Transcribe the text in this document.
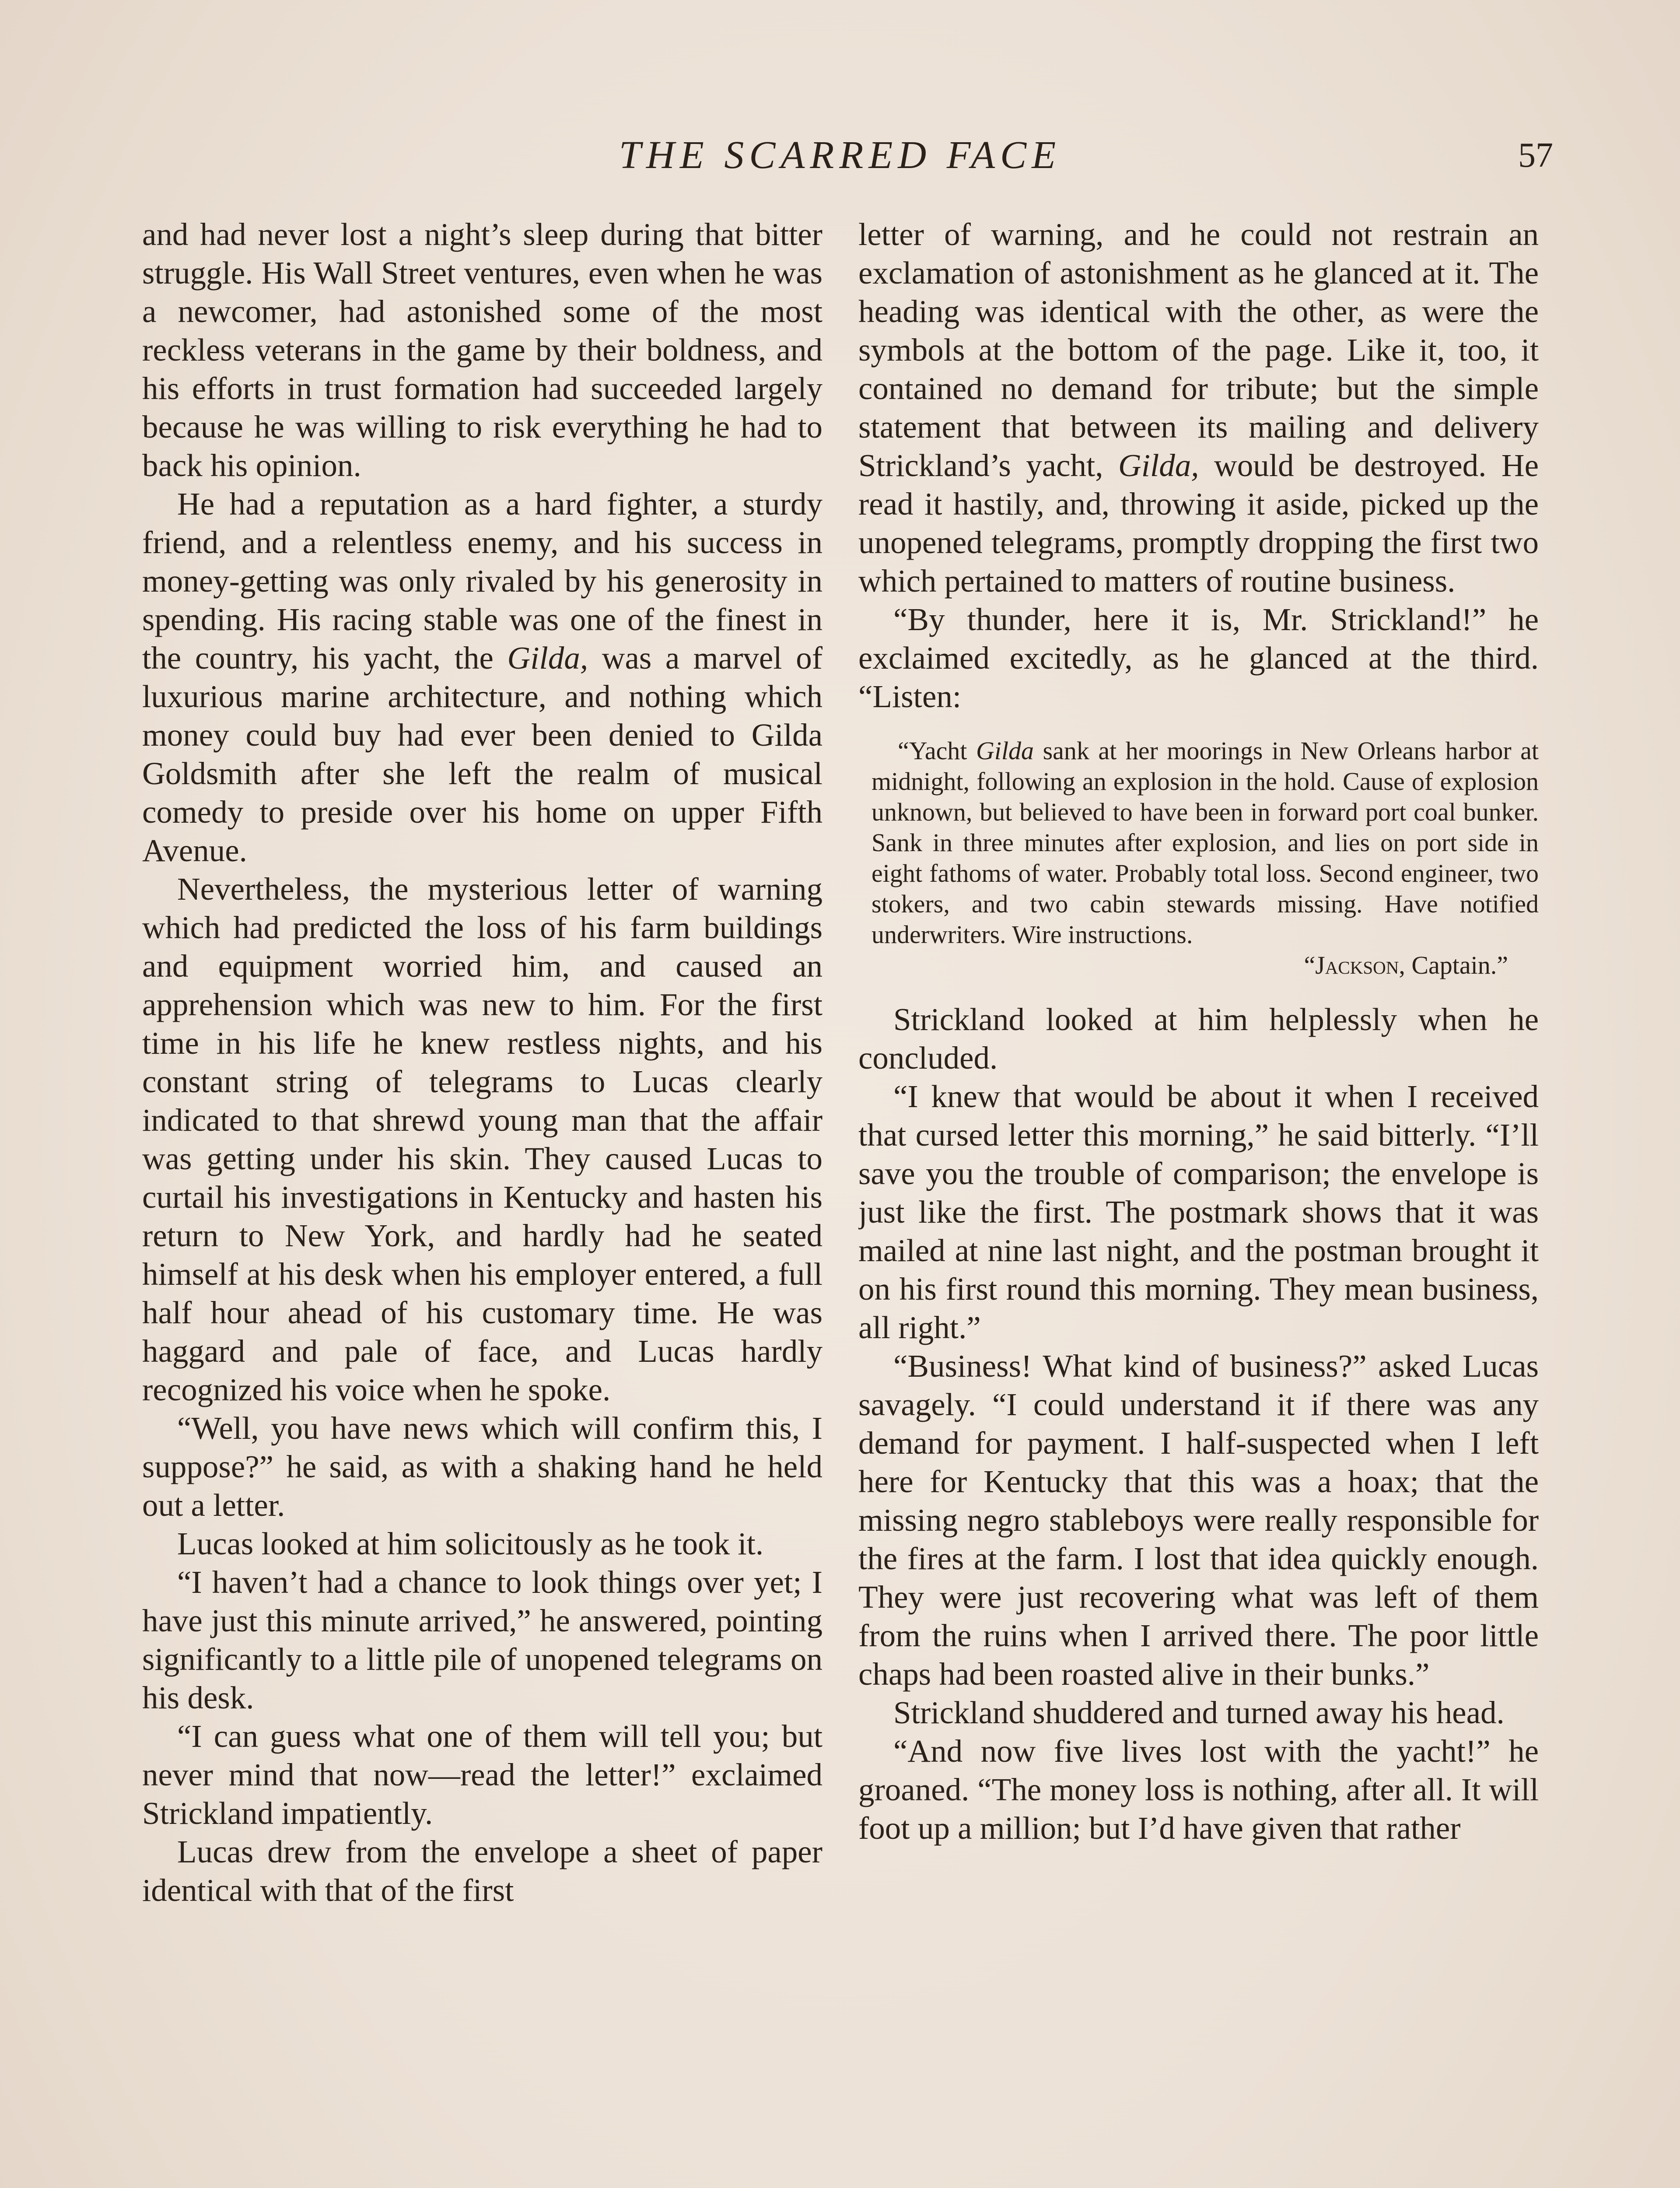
THE SCARRED FACE	57

and had never lost a night’s sleep during that bitter struggle. His Wall Street ventures, even when he was a newcomer, had astonished some of the most reckless veterans in the game by their boldness, and his efforts in trust formation had succeeded largely because he was willing to risk everything he had to back his opinion.

He had a reputation as a hard fighter, a sturdy friend, and a relentless enemy, and his success in money-getting was only rivaled by his generosity in spending. His racing stable was one of the finest in the country, his yacht, the Gilda, was a marvel of luxurious marine architecture, and nothing which money could buy had ever been denied to Gilda Goldsmith after she left the realm of musical comedy to preside over his home on upper Fifth Avenue.

Nevertheless, the mysterious letter of warning which had predicted the loss of his farm buildings and equipment worried him, and caused an apprehension which was new to him. For the first time in his life he knew restless nights, and his constant string of telegrams to Lucas clearly indicated to that shrewd young man that the affair was getting under his skin. They caused Lucas to curtail his investigations in Kentucky and hasten his return to New York, and hardly had he seated himself at his desk when his employer entered, a full half hour ahead of his customary time. He was haggard and pale of face, and Lucas hardly recognized his voice when he spoke.

“Well, you have news which will confirm this, I suppose?” he said, as with a shaking hand he held out a letter.

Lucas looked at him solicitously as he took it.

“I haven’t had a chance to look things over yet; I have just this minute arrived,” he answered, pointing significantly to a little pile of unopened telegrams on his desk.

“I can guess what one of them will tell you; but never mind that now—read the letter!” exclaimed Strickland impatiently.

Lucas drew from the envelope a sheet of paper identical with that of the first

letter of warning, and he could not restrain an exclamation of astonishment as he glanced at it. The heading was identical with the other, as were the symbols at the bottom of the page. Like it, too, it contained no demand for tribute; but the simple statement that between its mailing and delivery Strickland’s yacht, Gilda, would be destroyed. He read it hastily, and, throwing it aside, picked up the unopened telegrams, promptly dropping the first two which pertained to matters of routine business.

“By thunder, here it is, Mr. Strickland!” he exclaimed excitedly, as he glanced at the third. “Listen:

“Yacht Gilda sank at her moorings in New Orleans harbor at midnight, following an explosion in the hold. Cause of explosion unknown, but believed to have been in forward port coal bunker. Sank in three minutes after explosion, and lies on port side in eight fathoms of water. Probably total loss. Second engineer, two stokers, and two cabin stewards missing. Have notified underwriters. Wire instructions.

“Jackson, Captain.”

Strickland looked at him helplessly when he concluded.

“I knew that would be about it when I received that cursed letter this morning,” he said bitterly. “I’ll save you the trouble of comparison; the envelope is just like the first. The postmark shows that it was mailed at nine last night, and the postman brought it on his first round this morning. They mean business, all right.”

“Business! What kind of business?” asked Lucas savagely. “I could understand it if there was any demand for payment. I half-suspected when I left here for Kentucky that this was a hoax; that the missing negro stableboys were really responsible for the fires at the farm. I lost that idea quickly enough. They were just recovering what was left of them from the ruins when I arrived there. The poor little chaps had been roasted alive in their bunks.”

Strickland shuddered and turned away his head.

“And now five lives lost with the yacht!” he groaned. “The money loss is nothing, after all. It will foot up a million; but I’d have given that rather
